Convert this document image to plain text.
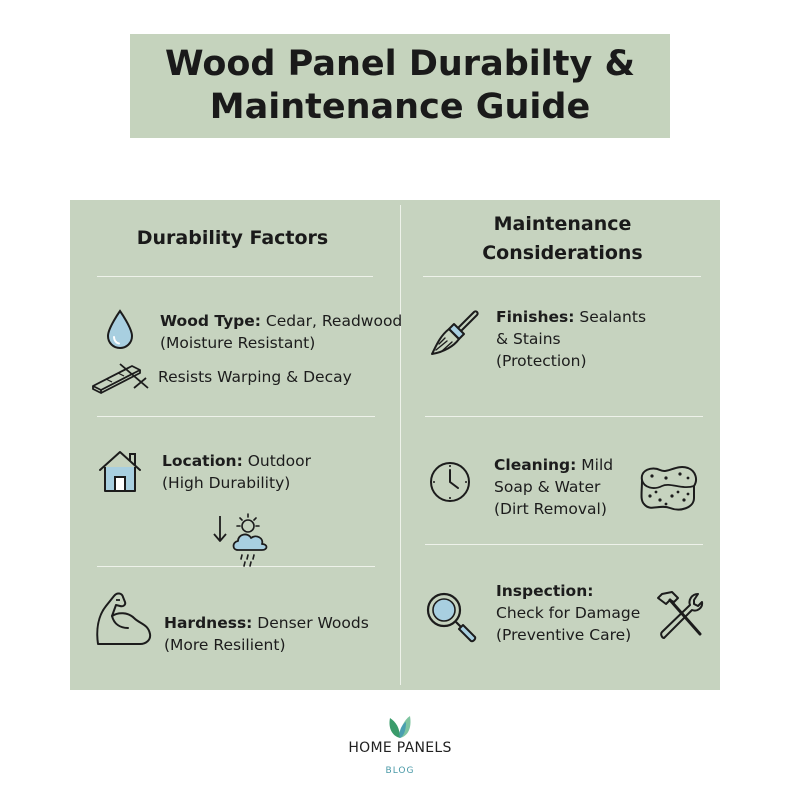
Wood Panel Durabilty &
Maintenance Guide
Durability Factors
Maintenance
Considerations
Wood Type: Cedar, Readwood
(Moisture Resistant)
Resists Warping & Decay
Location: Outdoor
(High Durability)
Hardness: Denser Woods
(More Resilient)
Finishes: Sealants
& Stains
(Protection)
Cleaning: Mild
Soap & Water
(Dirt Removal)
Inspection:
Check for Damage
(Preventive Care)
HOME PANELS
BLOG
